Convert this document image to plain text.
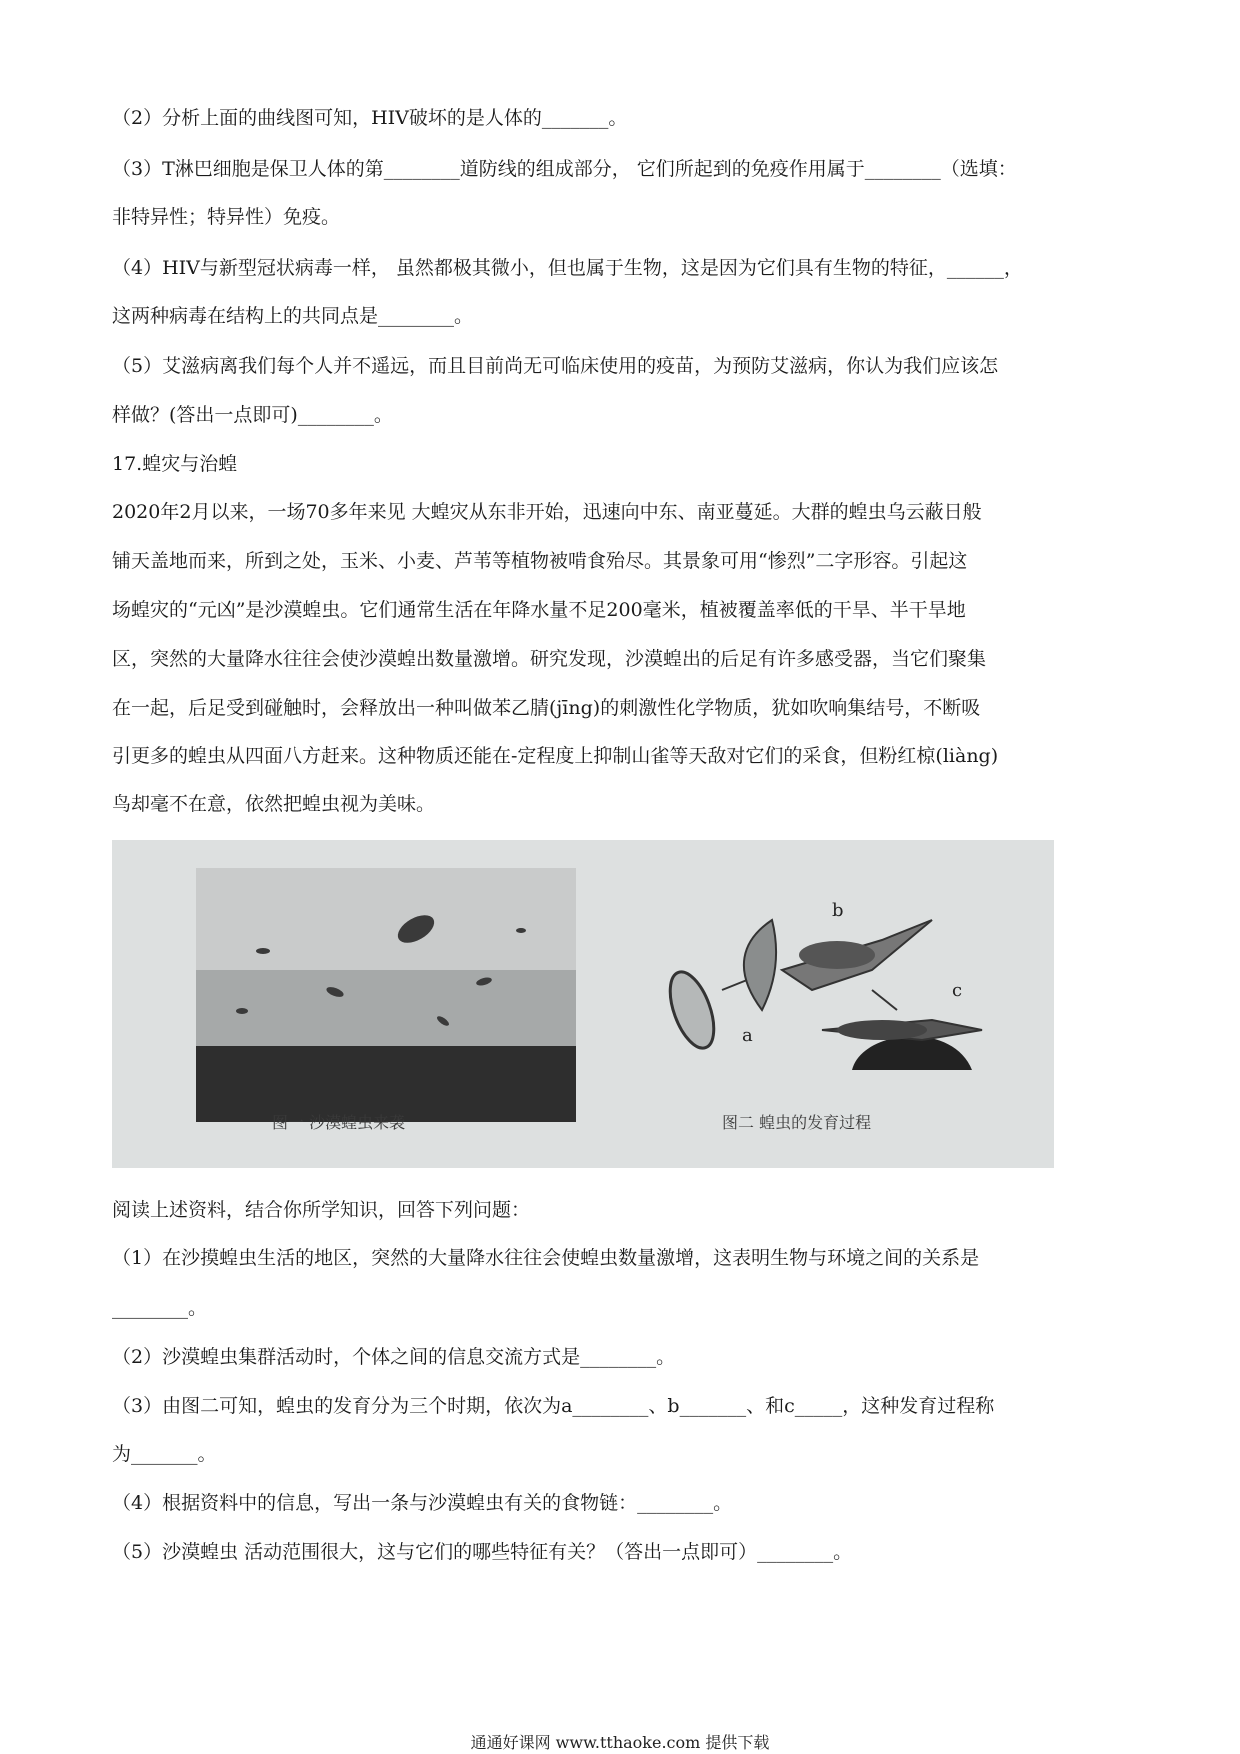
（2）分析上面的曲线图可知，HIV破坏的是人体的_______。
（3）T淋巴细胞是保卫人体的第________道防线的组成部分， 它们所起到的免疫作用属于________（选填：
非特异性；特异性）免疫。
（4）HIV与新型冠状病毒一样， 虽然都极其微小，但也属于生物，这是因为它们具有生物的特征，______，
这两种病毒在结构上的共同点是________。
（5）艾滋病离我们每个人并不遥远，而且目前尚无可临床使用的疫苗，为预防艾滋病，你认为我们应该怎
样做？(答出一点即可)________。
17.蝗灾与治蝗
2020年2月以来，一场70多年来见 大蝗灾从东非开始，迅速向中东、南亚蔓延。大群的蝗虫乌云蔽日般
铺天盖地而来，所到之处，玉米、小麦、芦苇等植物被啃食殆尽。其景象可用“惨烈”二字形容。引起这
场蝗灾的“元凶”是沙漠蝗虫。它们通常生活在年降水量不足200毫米，植被覆盖率低的干旱、半干旱地
区，突然的大量降水往往会使沙漠蝗出数量激增。研究发现，沙漠蝗出的后足有许多感受器，当它们聚集
在一起，后足受到碰触时，会释放出一种叫做苯乙腈(jīng)的刺激性化学物质，犹如吹响集结号，不断吸
引更多的蝗虫从四面八方赶来。这种物质还能在-定程度上抑制山雀等天敌对它们的采食，但粉红椋(liàng)
鸟却毫不在意，依然把蝗虫视为美味。
图一 沙漠蝗虫来袭
a
b
c
图二 蝗虫的发育过程
阅读上述资料，结合你所学知识，回答下列问题：
（1）在沙摸蝗虫生活的地区，突然的大量降水往往会使蝗虫数量激增，这表明生物与环境之间的关系是
________。
（2）沙漠蝗虫集群活动时，个体之间的信息交流方式是________。
（3）由图二可知，蝗虫的发育分为三个时期，依次为a________、b_______、和c_____，这种发育过程称
为_______。
（4）根据资料中的信息，写出一条与沙漠蝗虫有关的食物链：________。
（5）沙漠蝗虫 活动范围很大，这与它们的哪些特征有关？（答出一点即可）________。
通通好课网 www.tthaoke.com 提供下载
